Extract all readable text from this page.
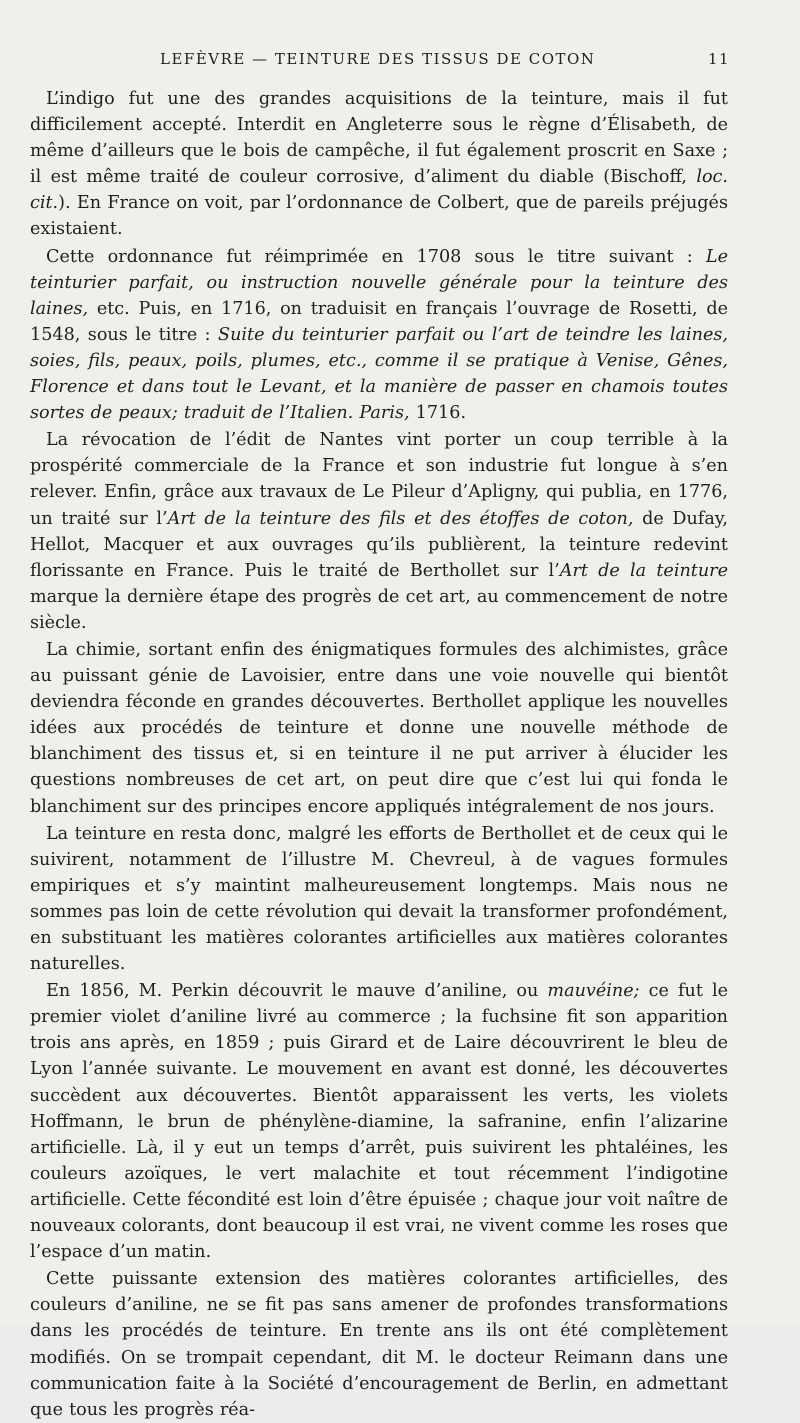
LEFÈVRE — TEINTURE DES TISSUS DE COTON	11

L’indigo fut une des grandes acquisitions de la teinture, mais il fut difficilement accepté. Interdit en Angleterre sous le règne d’Élisabeth, de même d’ailleurs que le bois de campêche, il fut également proscrit en Saxe ; il est même traité de couleur corrosive, d’aliment du diable (Bischoff, loc. cit.). En France on voit, par l’ordonnance de Colbert, que de pareils préjugés existaient.

Cette ordonnance fut réimprimée en 1708 sous le titre suivant : Le teinturier parfait, ou instruction nouvelle générale pour la teinture des laines, etc. Puis, en 1716, on traduisit en français l’ouvrage de Rosetti, de 1548, sous le titre : Suite du teinturier parfait ou l’art de teindre les laines, soies, fils, peaux, poils, plumes, etc., comme il se pratique à Venise, Gênes, Florence et dans tout le Levant, et la manière de passer en chamois toutes sortes de peaux; traduit de l’Italien. Paris, 1716.

La révocation de l’édit de Nantes vint porter un coup terrible à la prospérité commerciale de la France et son industrie fut longue à s’en relever. Enfin, grâce aux travaux de Le Pileur d’Apligny, qui publia, en 1776, un traité sur l’Art de la teinture des fils et des étoffes de coton, de Dufay, Hellot, Macquer et aux ouvrages qu’ils publièrent, la teinture redevint florissante en France. Puis le traité de Berthollet sur l’Art de la teinture marque la dernière étape des progrès de cet art, au commencement de notre siècle.

La chimie, sortant enfin des énigmatiques formules des alchimistes, grâce au puissant génie de Lavoisier, entre dans une voie nouvelle qui bientôt deviendra féconde en grandes découvertes. Berthollet applique les nouvelles idées aux procédés de teinture et donne une nouvelle méthode de blanchiment des tissus et, si en teinture il ne put arriver à élucider les questions nombreuses de cet art, on peut dire que c’est lui qui fonda le blanchiment sur des principes encore appliqués intégralement de nos jours.

La teinture en resta donc, malgré les efforts de Berthollet et de ceux qui le suivirent, notamment de l’illustre M. Chevreul, à de vagues formules empiriques et s’y maintint malheureusement longtemps. Mais nous ne sommes pas loin de cette révolution qui devait la transformer profondément, en substituant les matières colorantes artificielles aux matières colorantes naturelles.

En 1856, M. Perkin découvrit le mauve d’aniline, ou mauvéine; ce fut le premier violet d’aniline livré au commerce ; la fuchsine fit son apparition trois ans après, en 1859 ; puis Girard et de Laire découvrirent le bleu de Lyon l’année suivante. Le mouvement en avant est donné, les découvertes succèdent aux découvertes. Bientôt apparaissent les verts, les violets Hoffmann, le brun de phénylène-diamine, la safranine, enfin l’alizarine artificielle. Là, il y eut un temps d’arrêt, puis suivirent les phtaléines, les couleurs azoïques, le vert malachite et tout récemment l’indigotine artificielle. Cette fécondité est loin d’être épuisée ; chaque jour voit naître de nouveaux colorants, dont beaucoup il est vrai, ne vivent comme les roses que l’espace d’un matin.

Cette puissante extension des matières colorantes artificielles, des couleurs d’aniline, ne se fit pas sans amener de profondes transformations dans les procédés de teinture. En trente ans ils ont été complètement modifiés. On se trompait cependant, dit M. le docteur Reimann dans une communication faite à la Société d’encouragement de Berlin, en admettant que tous les progrès réa-
